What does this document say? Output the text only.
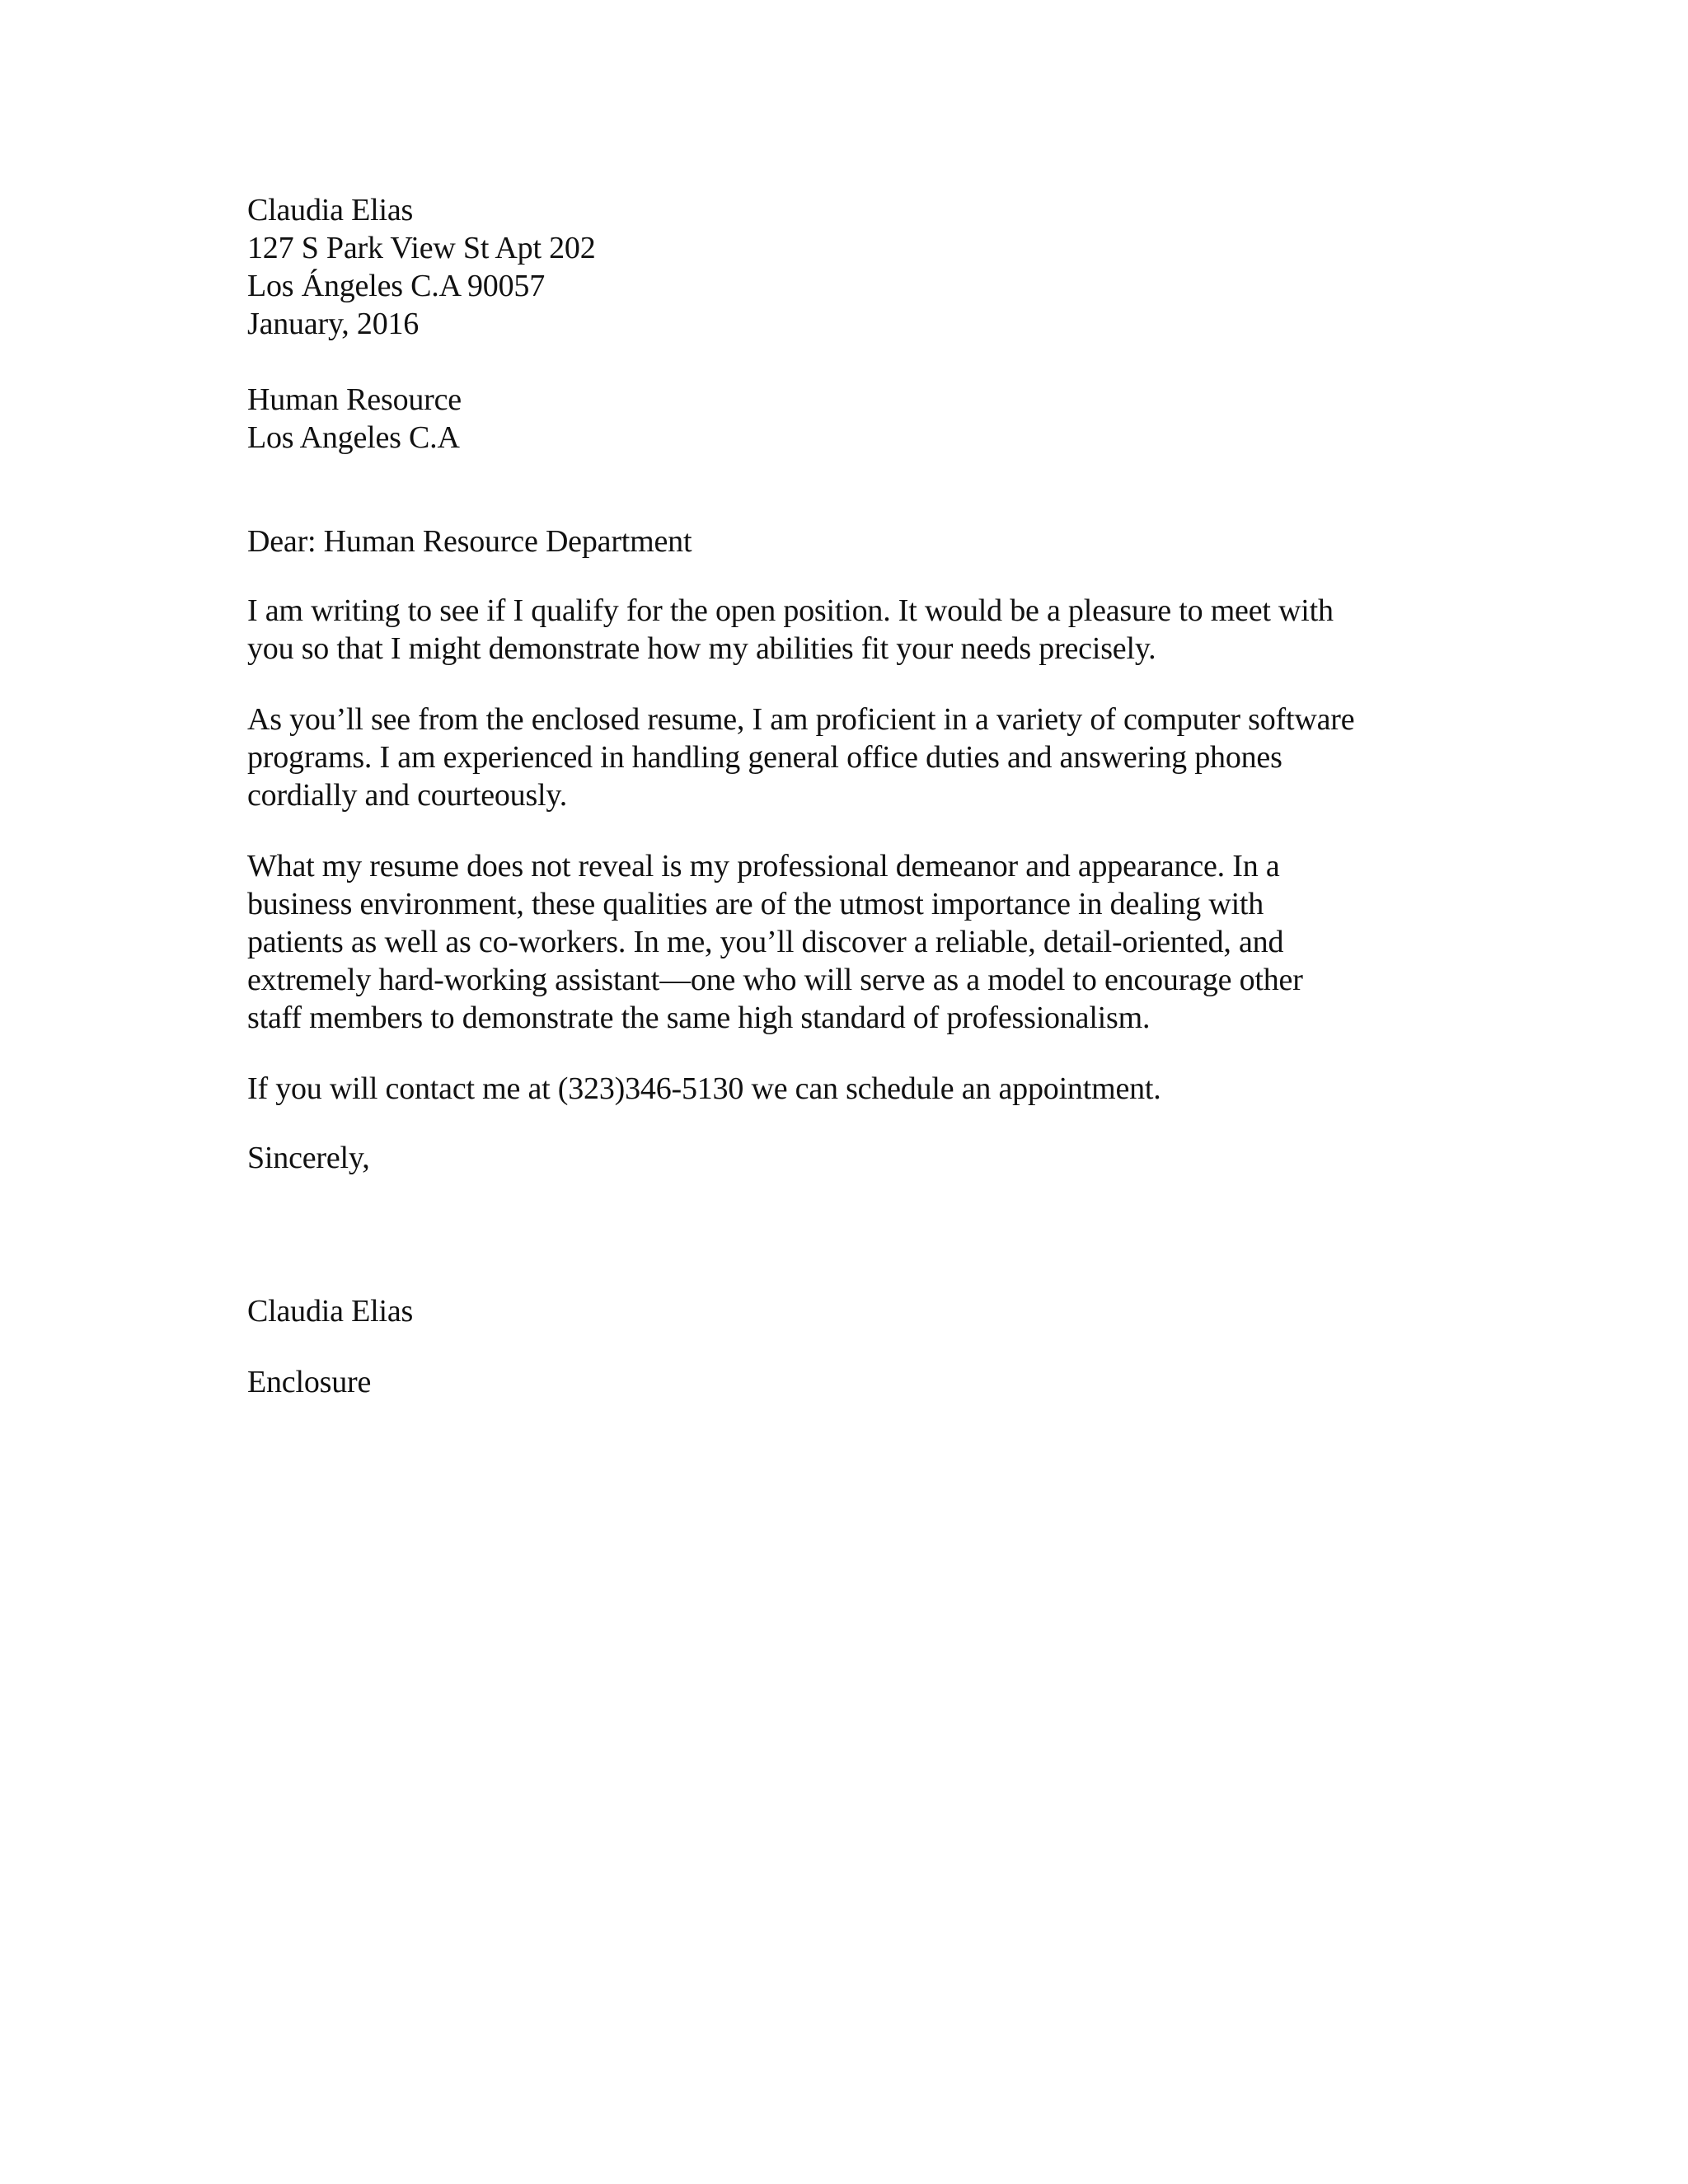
Claudia Elias
127 S Park View St Apt 202
Los Ángeles C.A 90057
January, 2016
Human Resource
Los Angeles C.A
Dear: Human Resource Department
I am writing to see if I qualify for the open position. It would be a pleasure to meet with
you so that I might demonstrate how my abilities fit your needs precisely.
As you’ll see from the enclosed resume, I am proficient in a variety of computer software
programs. I am experienced in handling general office duties and answering phones
cordially and courteously.
What my resume does not reveal is my professional demeanor and appearance. In a
business environment, these qualities are of the utmost importance in dealing with
patients as well as co-workers. In me, you’ll discover a reliable, detail-oriented, and
extremely hard-working assistant—one who will serve as a model to encourage other
staff members to demonstrate the same high standard of professionalism.
If you will contact me at (323)346-5130 we can schedule an appointment.
Sincerely,
Claudia Elias
Enclosure
